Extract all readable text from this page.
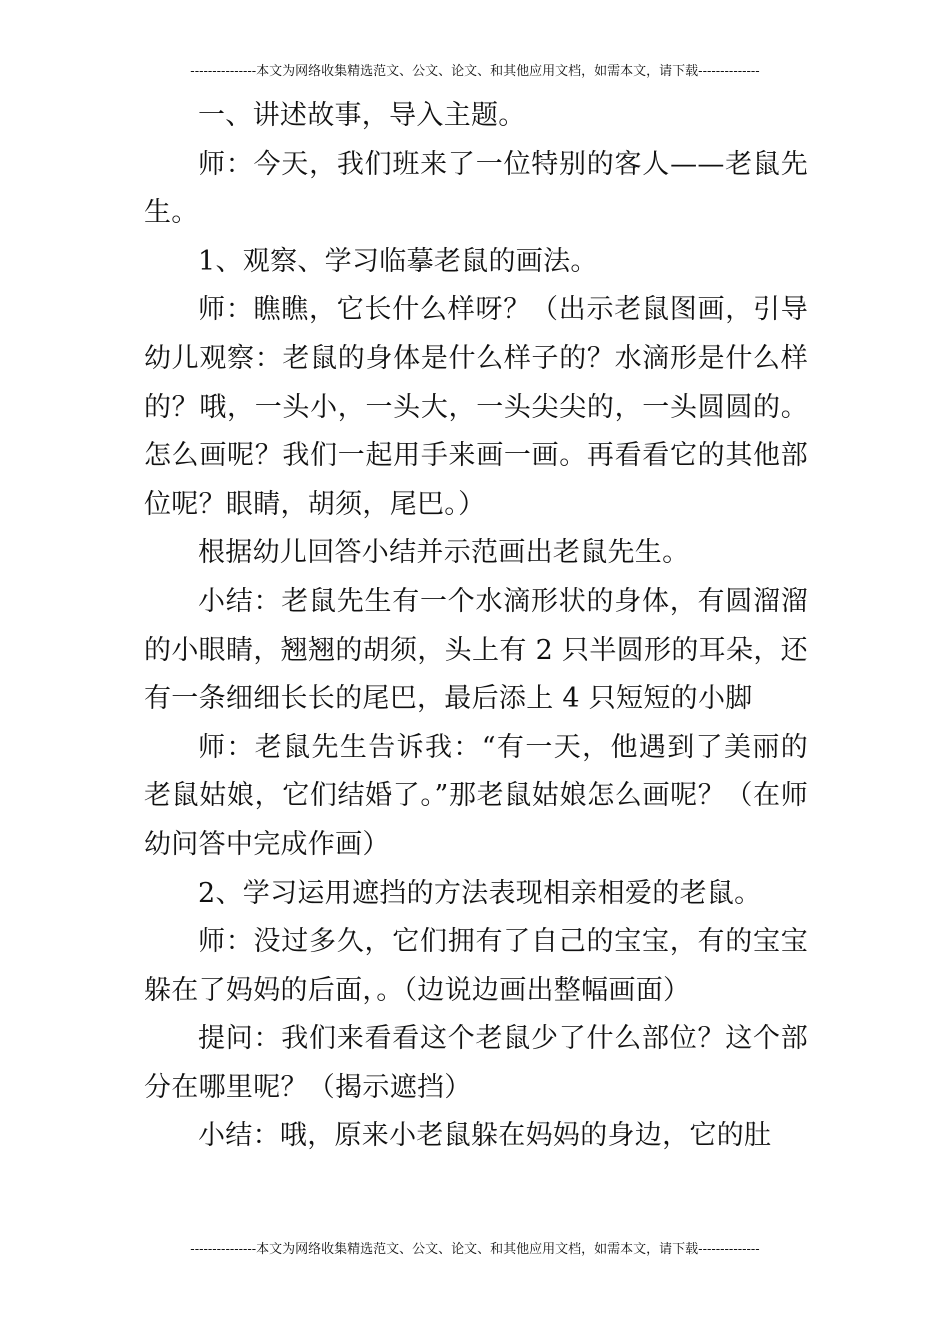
---------------本文为网络收集精选范文、公文、论文、和其他应用文档，如需本文，请下载--------------

一、讲述故事，导入主题。

师：今天，我们班来了一位特别的客人——老鼠先生。

1、观察、学习临摹老鼠的画法。

师：瞧瞧，它长什么样呀？（出示老鼠图画，引导幼儿观察：老鼠的身体是什么样子的？水滴形是什么样的？哦，一头小，一头大，一头尖尖的，一头圆圆的。怎么画呢？我们一起用手来画一画。再看看它的其他部位呢？眼睛，胡须，尾巴。）

根据幼儿回答小结并示范画出老鼠先生。

小结：老鼠先生有一个水滴形状的身体，有圆溜溜的小眼睛，翘翘的胡须，头上有 2 只半圆形的耳朵，还有一条细细长长的尾巴，最后添上 4 只短短的小脚

师：老鼠先生告诉我：“有一天，他遇到了美丽的老鼠姑娘，它们结婚了。”那老鼠姑娘怎么画呢？（在师幼问答中完成作画）

2、学习运用遮挡的方法表现相亲相爱的老鼠。

师：没过多久，它们拥有了自己的宝宝，有的宝宝躲在了妈妈的后面，。（边说边画出整幅画面）

提问：我们来看看这个老鼠少了什么部位？这个部分在哪里呢？（揭示遮挡）

小结：哦，原来小老鼠躲在妈妈的身边，它的肚

---------------本文为网络收集精选范文、公文、论文、和其他应用文档，如需本文，请下载--------------
